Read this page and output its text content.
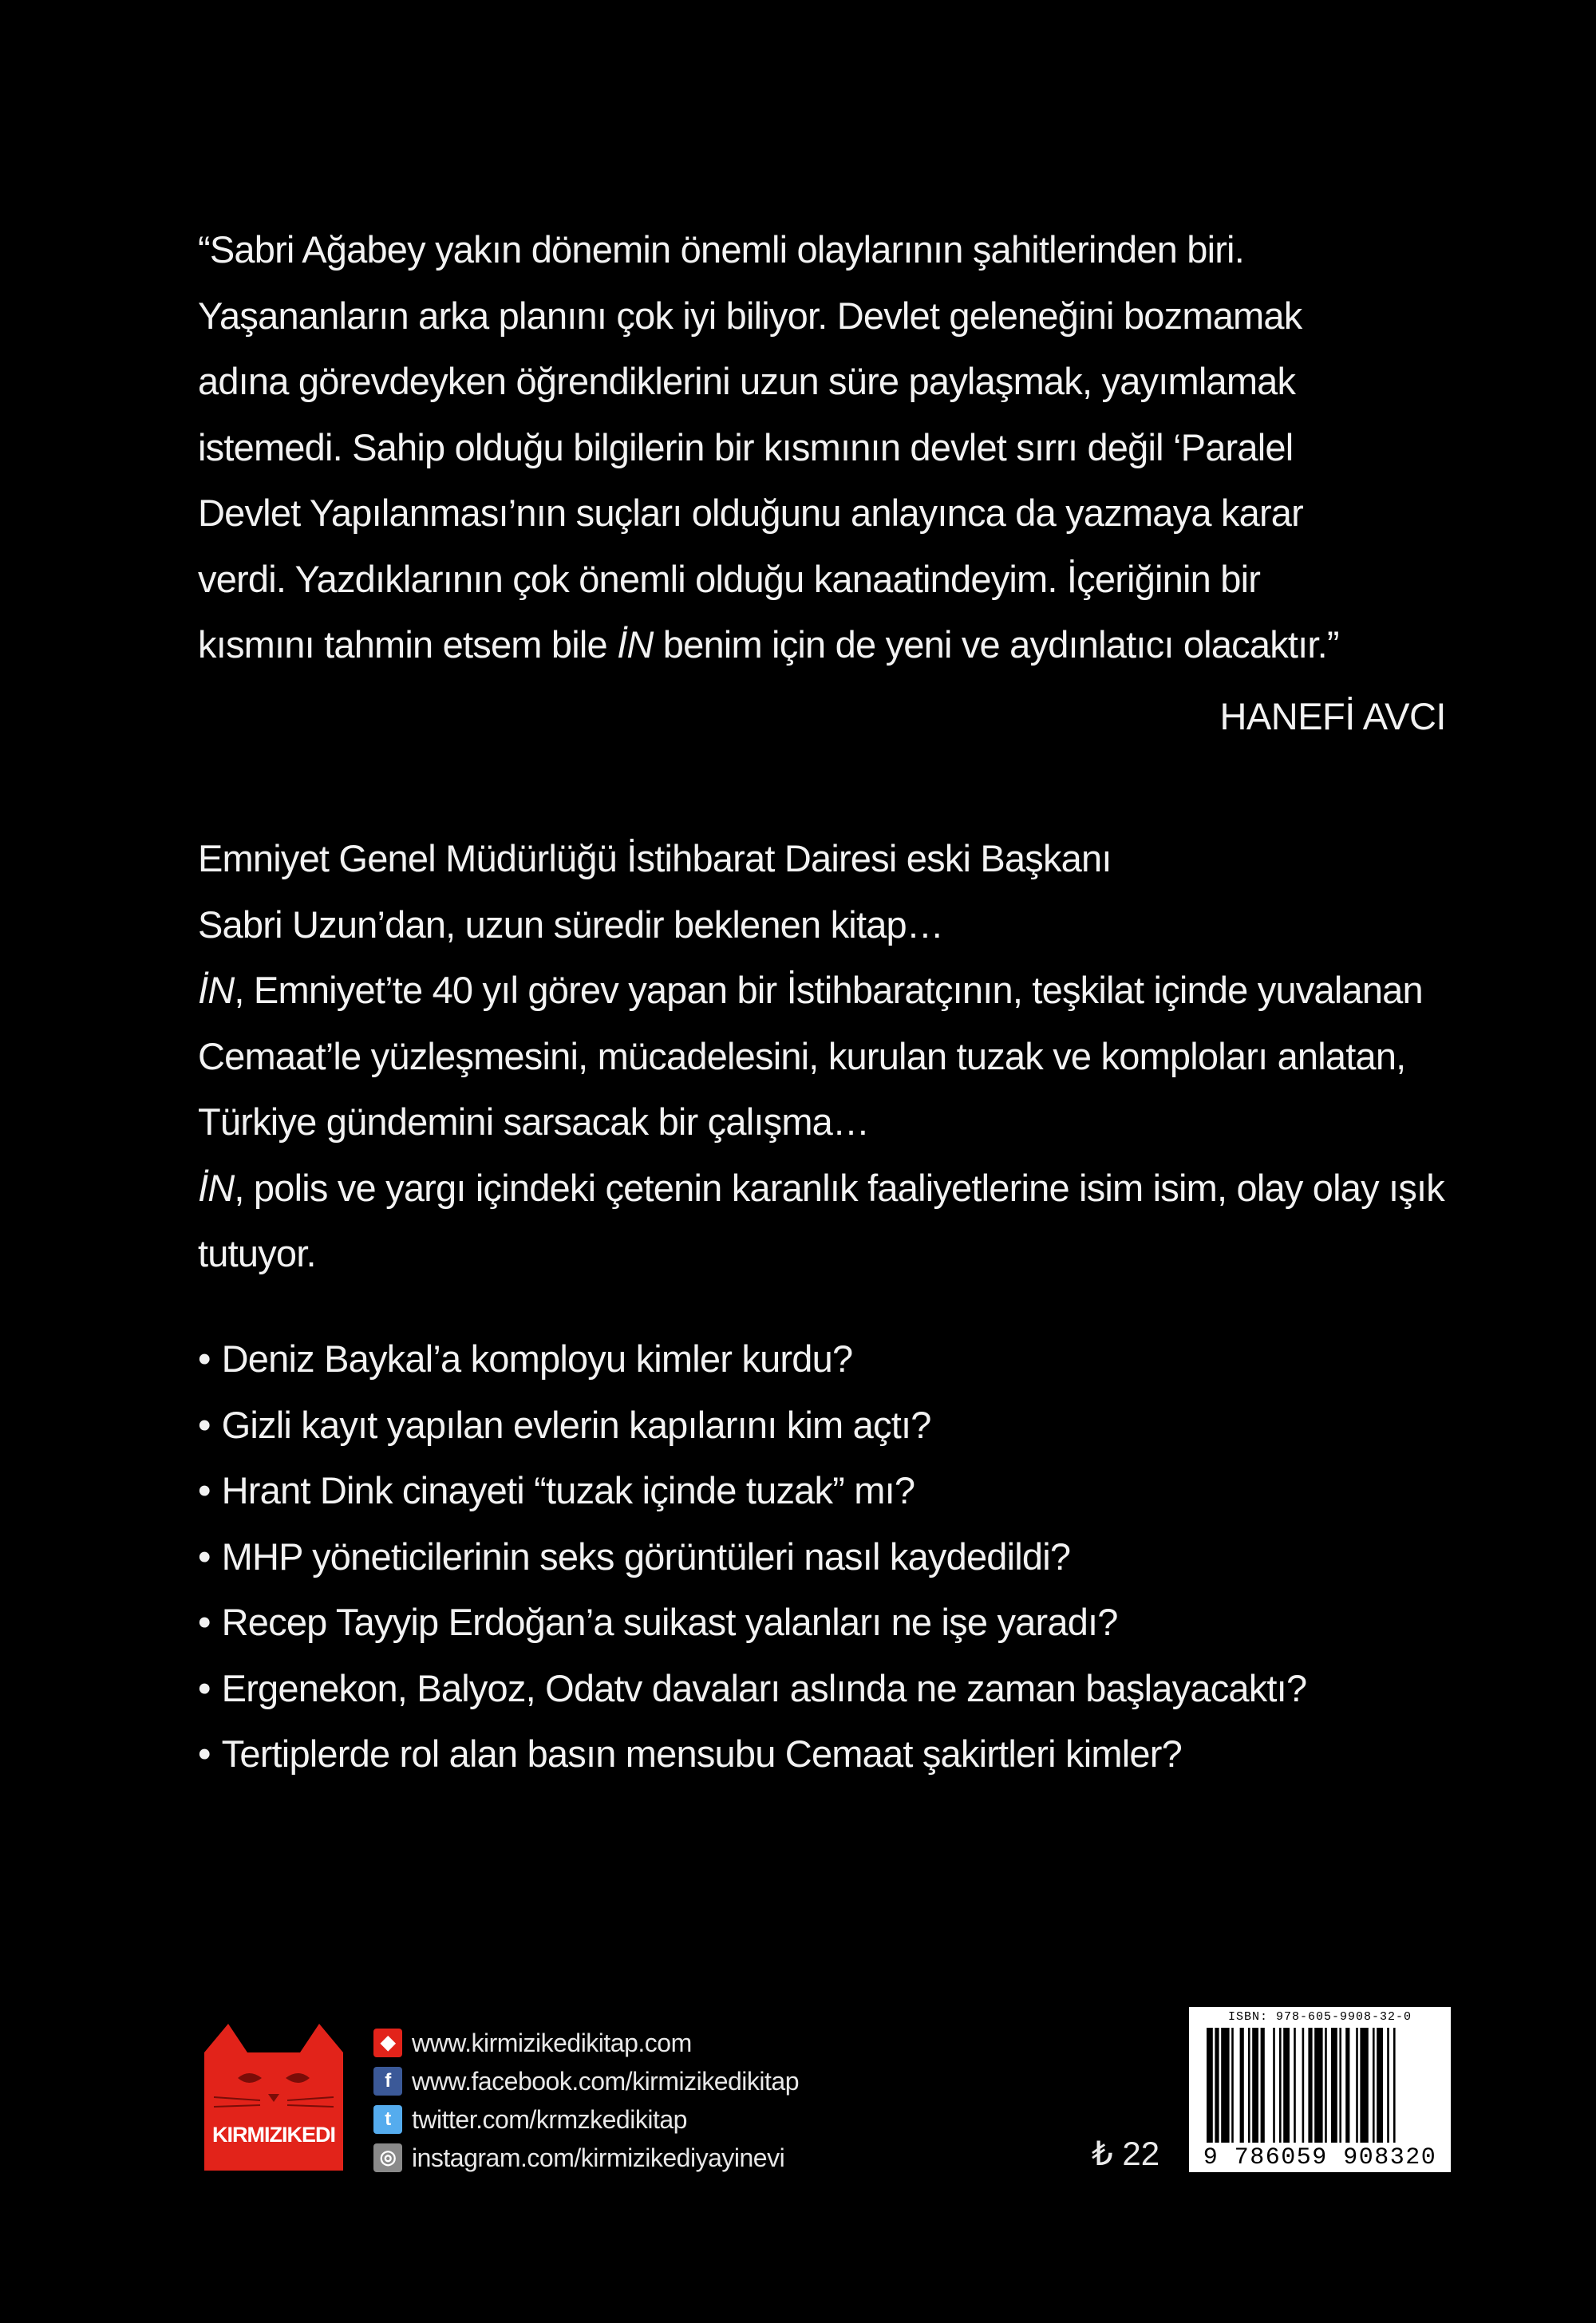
“Sabri Ağabey yakın dönemin önemli olaylarının şahitlerinden biri.
Yaşananların arka planını çok iyi biliyor. Devlet geleneğini bozmamak
adına görevdeyken öğrendiklerini uzun süre paylaşmak, yayımlamak
istemedi. Sahip olduğu bilgilerin bir kısmının devlet sırrı değil ‘Paralel
Devlet Yapılanması’nın suçları olduğunu anlayınca da yazmaya karar
verdi. Yazdıklarının çok önemli olduğu kanaatindeyim. İçeriğinin bir
kısmını tahmin etsem bile İN benim için de yeni ve aydınlatıcı olacaktır.”
HANEFİ AVCI

Emniyet Genel Müdürlüğü İstihbarat Dairesi eski Başkanı

Sabri Uzun’dan, uzun süredir beklenen kitap…

İN, Emniyet’te 40 yıl görev yapan bir İstihbaratçının, teşkilat içinde yuvalanan Cemaat’le yüzleşmesini, mücadelesini, kurulan tuzak ve komploları anlatan, Türkiye gündemini sarsacak bir çalışma…

İN, polis ve yargı içindeki çetenin karanlık faaliyetlerine isim isim, olay olay ışık tutuyor.

• Deniz Baykal’a komployu kimler kurdu?
• Gizli kayıt yapılan evlerin kapılarını kim açtı?
• Hrant Dink cinayeti “tuzak içinde tuzak” mı?
• MHP yöneticilerinin seks görüntüleri nasıl kaydedildi?
• Recep Tayyip Erdoğan’a suikast yalanları ne işe yaradı?
• Ergenekon, Balyoz, Odatv davaları aslında ne zaman başlayacaktı?
• Tertiplerde rol alan basın mensubu Cemaat şakirtleri kimler?
KIRMIZIKEDI
◆ www.kirmizikedikitap.com
f www.facebook.com/kirmizikedikitap
t twitter.com/krmzkedikitap
◎ instagram.com/kirmizikediyayinevi	₺ 22
ISBN: 978-605-9908-32-0
9 786059 908320
